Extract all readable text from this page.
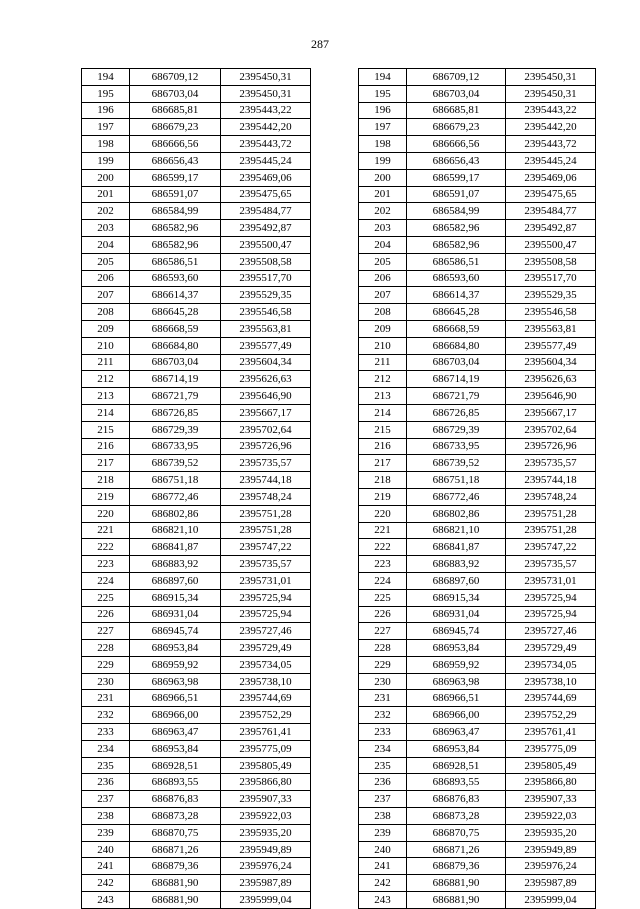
287
194	686709,12	2395450,31		194	686709,12	2395450,31
195	686703,04	2395450,31		195	686703,04	2395450,31
196	686685,81	2395443,22		196	686685,81	2395443,22
197	686679,23	2395442,20		197	686679,23	2395442,20
198	686666,56	2395443,72		198	686666,56	2395443,72
199	686656,43	2395445,24		199	686656,43	2395445,24
200	686599,17	2395469,06		200	686599,17	2395469,06
201	686591,07	2395475,65		201	686591,07	2395475,65
202	686584,99	2395484,77		202	686584,99	2395484,77
203	686582,96	2395492,87		203	686582,96	2395492,87
204	686582,96	2395500,47		204	686582,96	2395500,47
205	686586,51	2395508,58		205	686586,51	2395508,58
206	686593,60	2395517,70		206	686593,60	2395517,70
207	686614,37	2395529,35		207	686614,37	2395529,35
208	686645,28	2395546,58		208	686645,28	2395546,58
209	686668,59	2395563,81		209	686668,59	2395563,81
210	686684,80	2395577,49		210	686684,80	2395577,49
211	686703,04	2395604,34		211	686703,04	2395604,34
212	686714,19	2395626,63		212	686714,19	2395626,63
213	686721,79	2395646,90		213	686721,79	2395646,90
214	686726,85	2395667,17		214	686726,85	2395667,17
215	686729,39	2395702,64		215	686729,39	2395702,64
216	686733,95	2395726,96		216	686733,95	2395726,96
217	686739,52	2395735,57		217	686739,52	2395735,57
218	686751,18	2395744,18		218	686751,18	2395744,18
219	686772,46	2395748,24		219	686772,46	2395748,24
220	686802,86	2395751,28		220	686802,86	2395751,28
221	686821,10	2395751,28		221	686821,10	2395751,28
222	686841,87	2395747,22		222	686841,87	2395747,22
223	686883,92	2395735,57		223	686883,92	2395735,57
224	686897,60	2395731,01		224	686897,60	2395731,01
225	686915,34	2395725,94		225	686915,34	2395725,94
226	686931,04	2395725,94		226	686931,04	2395725,94
227	686945,74	2395727,46		227	686945,74	2395727,46
228	686953,84	2395729,49		228	686953,84	2395729,49
229	686959,92	2395734,05		229	686959,92	2395734,05
230	686963,98	2395738,10		230	686963,98	2395738,10
231	686966,51	2395744,69		231	686966,51	2395744,69
232	686966,00	2395752,29		232	686966,00	2395752,29
233	686963,47	2395761,41		233	686963,47	2395761,41
234	686953,84	2395775,09		234	686953,84	2395775,09
235	686928,51	2395805,49		235	686928,51	2395805,49
236	686893,55	2395866,80		236	686893,55	2395866,80
237	686876,83	2395907,33		237	686876,83	2395907,33
238	686873,28	2395922,03		238	686873,28	2395922,03
239	686870,75	2395935,20		239	686870,75	2395935,20
240	686871,26	2395949,89		240	686871,26	2395949,89
241	686879,36	2395976,24		241	686879,36	2395976,24
242	686881,90	2395987,89		242	686881,90	2395987,89
243	686881,90	2395999,04		243	686881,90	2395999,04
